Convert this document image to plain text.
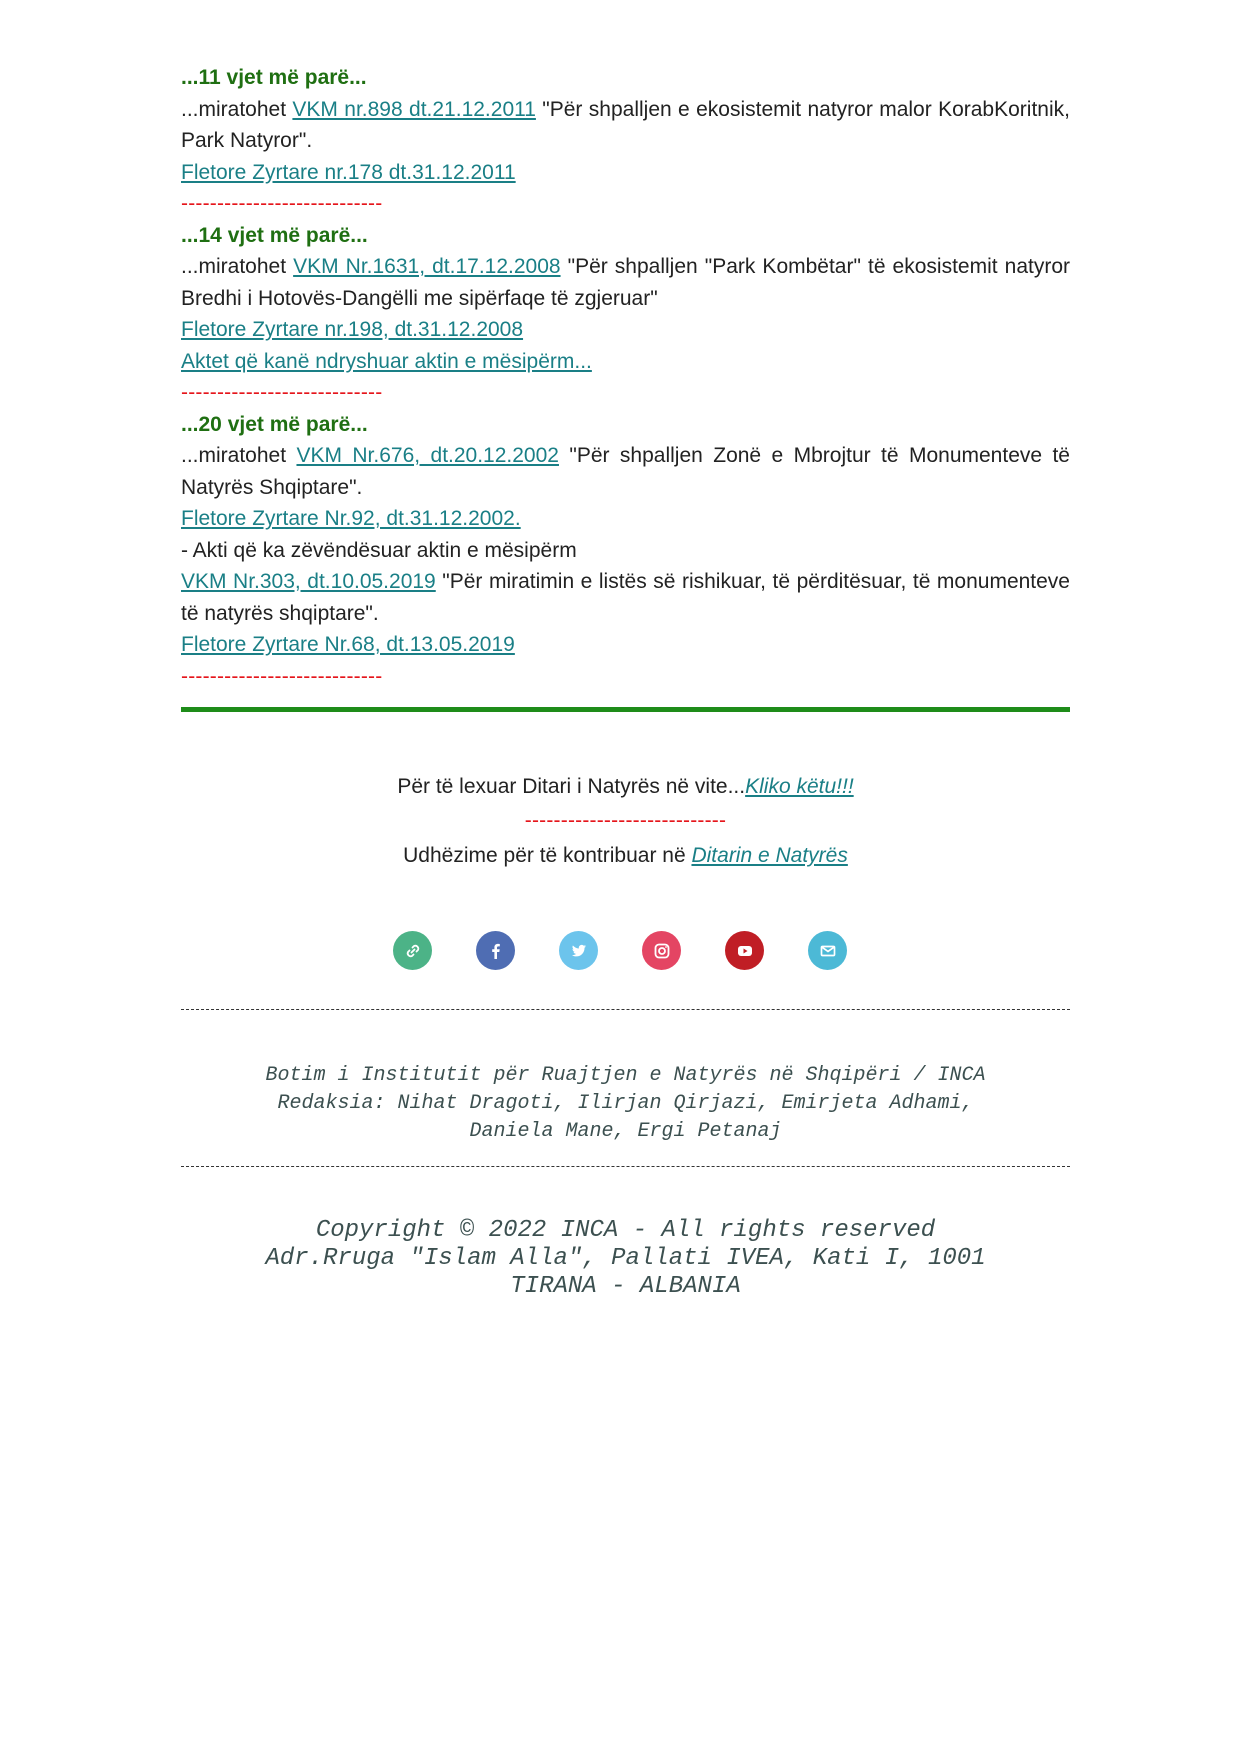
...11 vjet më parë...
...miratohet VKM nr.898 dt.21.12.2011 "Për shpalljen e ekosistemit natyror malor KorabKoritnik, Park Natyror".
Fletore Zyrtare nr.178 dt.31.12.2011
----------------------------
...14 vjet më parë...
...miratohet VKM Nr.1631, dt.17.12.2008 "Për shpalljen "Park Kombëtar" të ekosistemit natyror Bredhi i Hotovës-Dangëlli me sipërfaqe të zgjeruar"
Fletore Zyrtare nr.198, dt.31.12.2008
Aktet që kanë ndryshuar aktin e mësipërm...
----------------------------
...20 vjet më parë...
...miratohet VKM Nr.676, dt.20.12.2002 "Për shpalljen Zonë e Mbrojtur të Monumenteve të Natyrës Shqiptare".
Fletore Zyrtare Nr.92, dt.31.12.2002.
- Akti që ka zëvëndësuar aktin e mësipërm
VKM Nr.303, dt.10.05.2019 "Për miratimin e listës së rishikuar, të përditësuar, të monumenteve të natyrës shqiptare".
Fletore Zyrtare Nr.68, dt.13.05.2019
----------------------------
Për të lexuar Ditari i Natyrës në vite...Kliko këtu!!!
----------------------------
Udhëzime për të kontribuar në Ditarin e Natyrës
Botim i Institutit për Ruajtjen e Natyrës në Shqipëri / INCA
Redaksia: Nihat Dragoti, Ilirjan Qirjazi, Emirjeta Adhami,
Daniela Mane, Ergi Petanaj
Copyright © 2022 INCA - All rights reserved
Adr.Rruga "Islam Alla", Pallati IVEA, Kati I, 1001
TIRANA - ALBANIA
